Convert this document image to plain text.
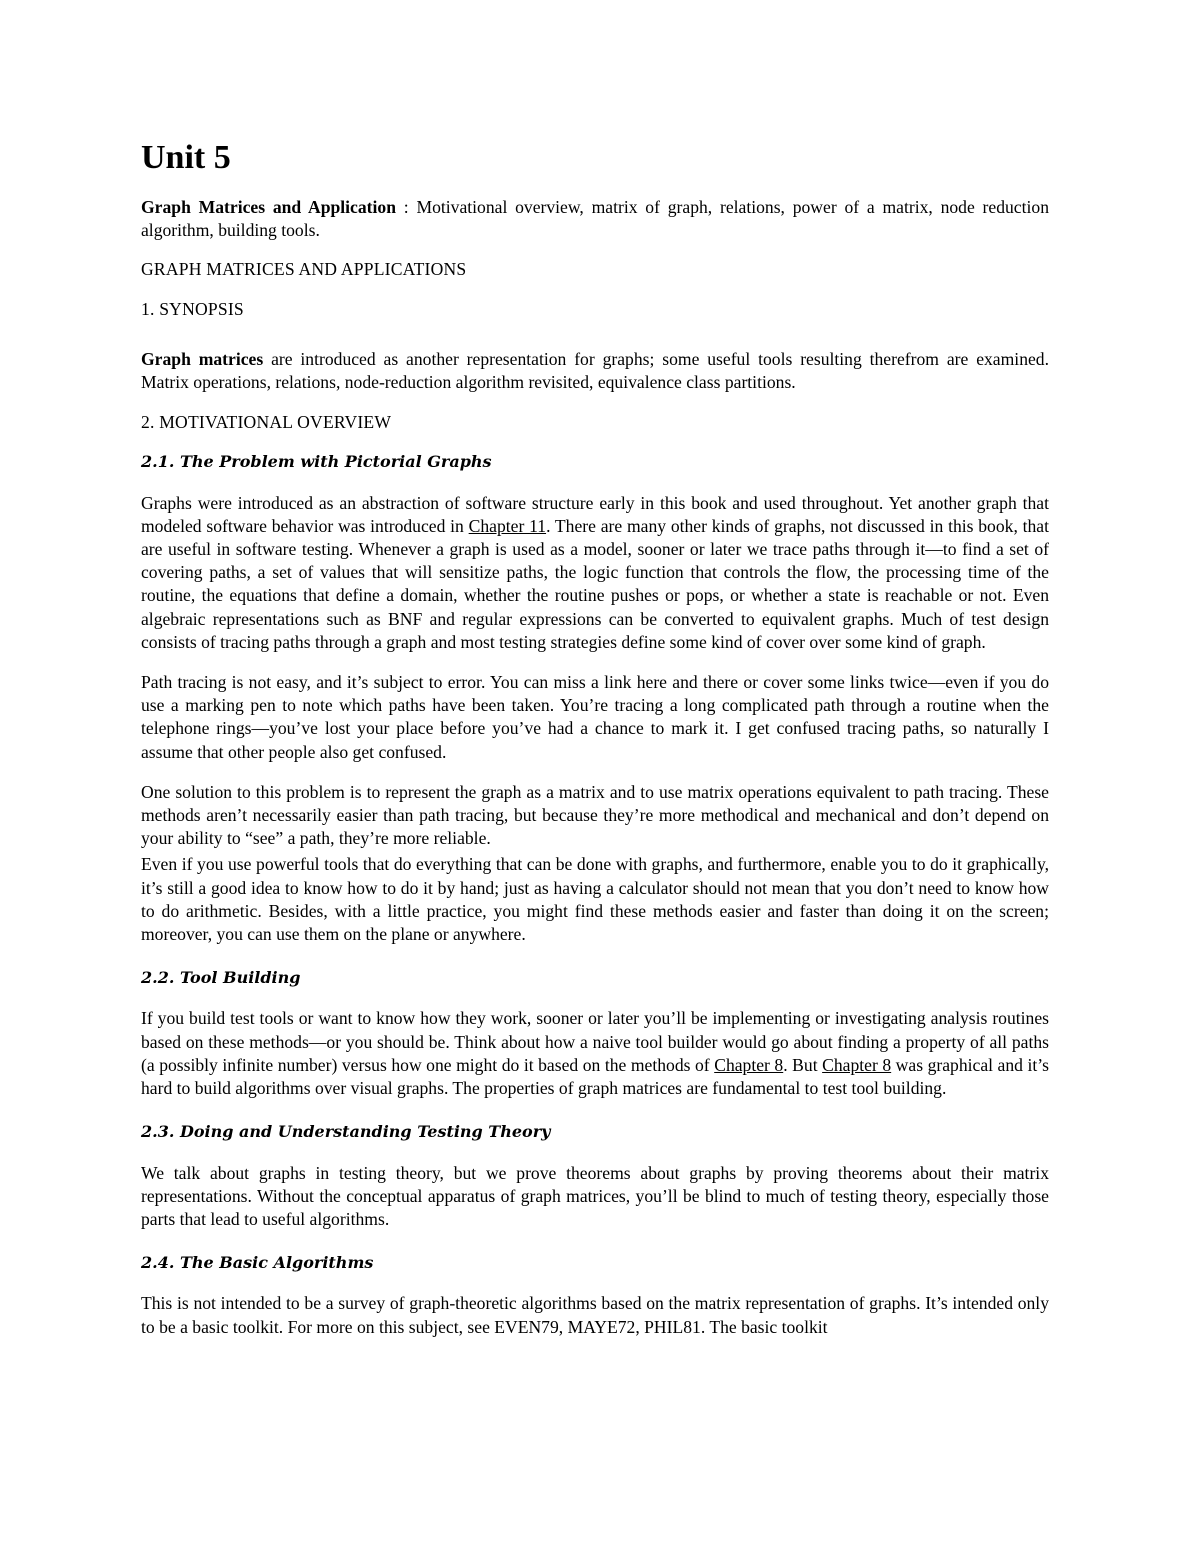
Unit 5

Graph Matrices and Application : Motivational overview, matrix of graph, relations, power of a matrix, node reduction algorithm, building tools.

GRAPH MATRICES AND APPLICATIONS
1. SYNOPSIS

Graph matrices are introduced as another representation for graphs; some useful tools resulting therefrom are examined. Matrix operations, relations, node-reduction algorithm revisited, equivalence class partitions.

2. MOTIVATIONAL OVERVIEW
2.1. The Problem with Pictorial Graphs

Graphs were introduced as an abstraction of software structure early in this book and used throughout. Yet another graph that modeled software behavior was introduced in Chapter 11. There are many other kinds of graphs, not discussed in this book, that are useful in software testing. Whenever a graph is used as a model, sooner or later we trace paths through it—to find a set of covering paths, a set of values that will sensitize paths, the logic function that controls the flow, the processing time of the routine, the equations that define a domain, whether the routine pushes or pops, or whether a state is reachable or not. Even algebraic representations such as BNF and regular expressions can be converted to equivalent graphs. Much of test design consists of tracing paths through a graph and most testing strategies define some kind of cover over some kind of graph.

Path tracing is not easy, and it’s subject to error. You can miss a link here and there or cover some links twice—even if you do use a marking pen to note which paths have been taken. You’re tracing a long complicated path through a routine when the telephone rings—you’ve lost your place before you’ve had a chance to mark it. I get confused tracing paths, so naturally I assume that other people also get confused.

One solution to this problem is to represent the graph as a matrix and to use matrix operations equivalent to path tracing. These methods aren’t necessarily easier than path tracing, but because they’re more methodical and mechanical and don’t depend on your ability to “see” a path, they’re more reliable.

Even if you use powerful tools that do everything that can be done with graphs, and furthermore, enable you to do it graphically, it’s still a good idea to know how to do it by hand; just as having a calculator should not mean that you don’t need to know how to do arithmetic. Besides, with a little practice, you might find these methods easier and faster than doing it on the screen; moreover, you can use them on the plane or anywhere.

2.2. Tool Building

If you build test tools or want to know how they work, sooner or later you’ll be implementing or investigating analysis routines based on these methods—or you should be. Think about how a naive tool builder would go about finding a property of all paths (a possibly infinite number) versus how one might do it based on the methods of Chapter 8. But Chapter 8 was graphical and it’s hard to build algorithms over visual graphs. The properties of graph matrices are fundamental to test tool building.

2.3. Doing and Understanding Testing Theory

We talk about graphs in testing theory, but we prove theorems about graphs by proving theorems about their matrix representations. Without the conceptual apparatus of graph matrices, you’ll be blind to much of testing theory, especially those parts that lead to useful algorithms.

2.4. The Basic Algorithms

This is not intended to be a survey of graph-theoretic algorithms based on the matrix representation of graphs. It’s intended only to be a basic toolkit. For more on this subject, see EVEN79, MAYE72, PHIL81. The basic toolkit
